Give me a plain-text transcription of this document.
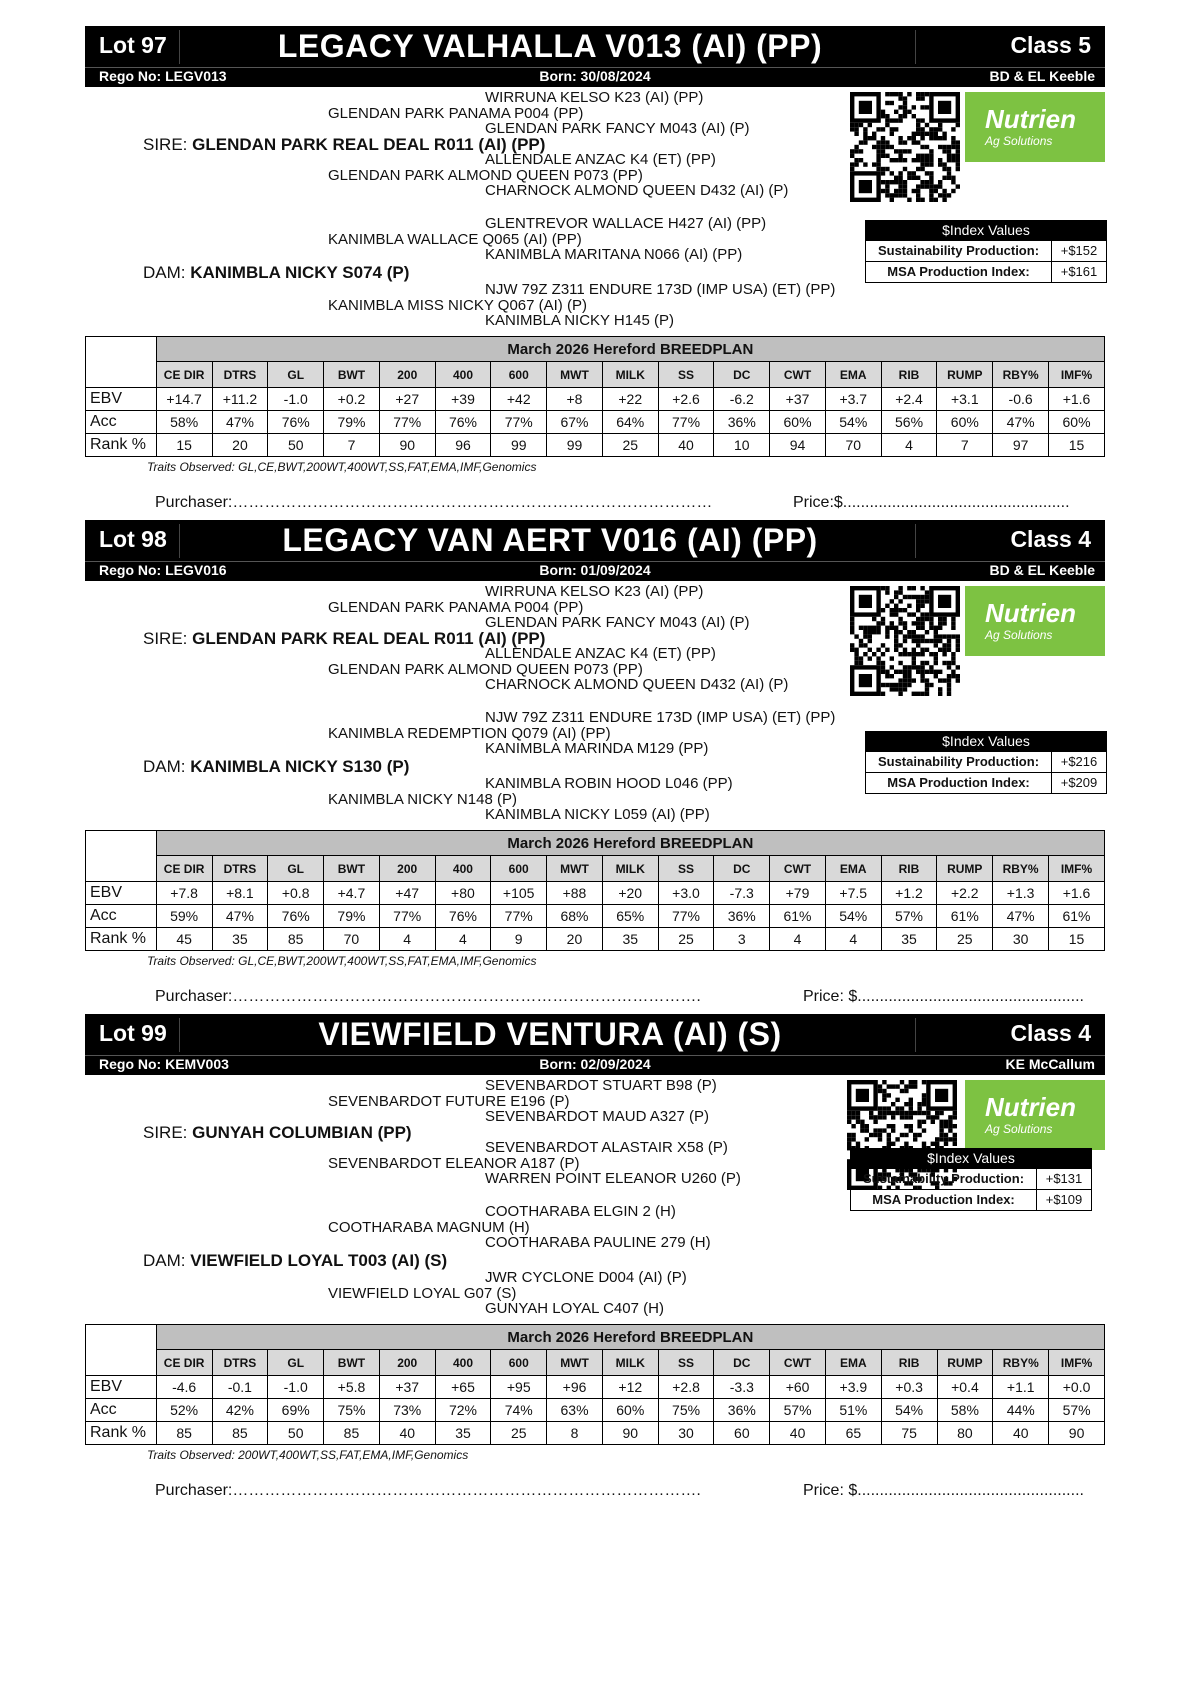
Lot 97	LEGACY VALHALLA V013 (AI) (PP)	Class 5
Rego No: LEGV013	Born: 30/08/2024	BD & EL Keeble
WIRRUNA KELSO K23 (AI) (PP)
GLENDAN PARK PANAMA P004 (PP)
GLENDAN PARK FANCY M043 (AI) (P)
SIRE: GLENDAN PARK REAL DEAL R011 (AI) (PP)
ALLENDALE ANZAC K4 (ET) (PP)
GLENDAN PARK ALMOND QUEEN P073 (PP)
CHARNOCK ALMOND QUEEN D432 (AI) (P)
GLENTREVOR WALLACE H427 (AI) (PP)
KANIMBLA WALLACE Q065 (AI) (PP)
KANIMBLA MARITANA N066 (AI) (PP)
DAM: KANIMBLA NICKY S074 (P)
NJW 79Z Z311 ENDURE 173D (IMP USA) (ET) (PP)
KANIMBLA MISS NICKY Q067 (AI) (P)
KANIMBLA NICKY H145 (P)
Nutrien
Ag Solutions
$Index Values
Sustainability Production:	+$152
MSA Production Index:	+$161
	March 2026 Hereford BREEDPLAN																
	CE DIR	DTRS	GL	BWT	200	400	600	MWT	MILK	SS	DC	CWT	EMA	RIB	RUMP	RBY%	IMF%
EBV	+14.7	+11.2	-1.0	+0.2	+27	+39	+42	+8	+22	+2.6	-6.2	+37	+3.7	+2.4	+3.1	-0.6	+1.6
Acc	58%	47%	76%	79%	77%	76%	77%	67%	64%	77%	36%	60%	54%	56%	60%	47%	60%
Rank %	15	20	50	7	90	96	99	99	25	40	10	94	70	4	7	97	15
Traits Observed: GL,CE,BWT,200WT,400WT,SS,FAT,EMA,IMF,Genomics
Purchaser:………………………………………………………………………………	Price:$...................................................
Lot 98	LEGACY VAN AERT V016 (AI) (PP)	Class 4
Rego No: LEGV016	Born: 01/09/2024	BD & EL Keeble
WIRRUNA KELSO K23 (AI) (PP)
GLENDAN PARK PANAMA P004 (PP)
GLENDAN PARK FANCY M043 (AI) (P)
SIRE: GLENDAN PARK REAL DEAL R011 (AI) (PP)
ALLENDALE ANZAC K4 (ET) (PP)
GLENDAN PARK ALMOND QUEEN P073 (PP)
CHARNOCK ALMOND QUEEN D432 (AI) (P)
NJW 79Z Z311 ENDURE 173D (IMP USA) (ET) (PP)
KANIMBLA REDEMPTION Q079 (AI) (PP)
KANIMBLA MARINDA M129 (PP)
DAM: KANIMBLA NICKY S130 (P)
KANIMBLA ROBIN HOOD L046 (PP)
KANIMBLA NICKY N148 (P)
KANIMBLA NICKY L059 (AI) (PP)
Nutrien
Ag Solutions
$Index Values
Sustainability Production:	+$216
MSA Production Index:	+$209
	March 2026 Hereford BREEDPLAN																
	CE DIR	DTRS	GL	BWT	200	400	600	MWT	MILK	SS	DC	CWT	EMA	RIB	RUMP	RBY%	IMF%
EBV	+7.8	+8.1	+0.8	+4.7	+47	+80	+105	+88	+20	+3.0	-7.3	+79	+7.5	+1.2	+2.2	+1.3	+1.6
Acc	59%	47%	76%	79%	77%	76%	77%	68%	65%	77%	36%	61%	54%	57%	61%	47%	61%
Rank %	45	35	85	70	4	4	9	20	35	25	3	4	4	35	25	30	15
Traits Observed: GL,CE,BWT,200WT,400WT,SS,FAT,EMA,IMF,Genomics
Purchaser:…………………………………………………………………………….	Price: $...................................................
Lot 99	VIEWFIELD VENTURA (AI) (S)	Class 4
Rego No: KEMV003	Born: 02/09/2024	KE McCallum
SEVENBARDOT STUART B98 (P)
SEVENBARDOT FUTURE E196 (P)
SEVENBARDOT MAUD A327 (P)
SIRE: GUNYAH COLUMBIAN (PP)
SEVENBARDOT ALASTAIR X58 (P)
SEVENBARDOT ELEANOR A187 (P)
WARREN POINT ELEANOR U260 (P)
COOTHARABA ELGIN 2 (H)
COOTHARABA MAGNUM (H)
COOTHARABA PAULINE 279 (H)
DAM: VIEWFIELD LOYAL T003 (AI) (S)
JWR CYCLONE D004 (AI) (P)
VIEWFIELD LOYAL G07 (S)
GUNYAH LOYAL C407 (H)
Nutrien
Ag Solutions
$Index Values
Sustainability Production:	+$131
MSA Production Index:	+$109
	March 2026 Hereford BREEDPLAN																
	CE DIR	DTRS	GL	BWT	200	400	600	MWT	MILK	SS	DC	CWT	EMA	RIB	RUMP	RBY%	IMF%
EBV	-4.6	-0.1	-1.0	+5.8	+37	+65	+95	+96	+12	+2.8	-3.3	+60	+3.9	+0.3	+0.4	+1.1	+0.0
Acc	52%	42%	69%	75%	73%	72%	74%	63%	60%	75%	36%	57%	51%	54%	58%	44%	57%
Rank %	85	85	50	85	40	35	25	8	90	30	60	40	65	75	80	40	90
Traits Observed: 200WT,400WT,SS,FAT,EMA,IMF,Genomics
Purchaser:…………………………………………………………………………….	Price: $...................................................
